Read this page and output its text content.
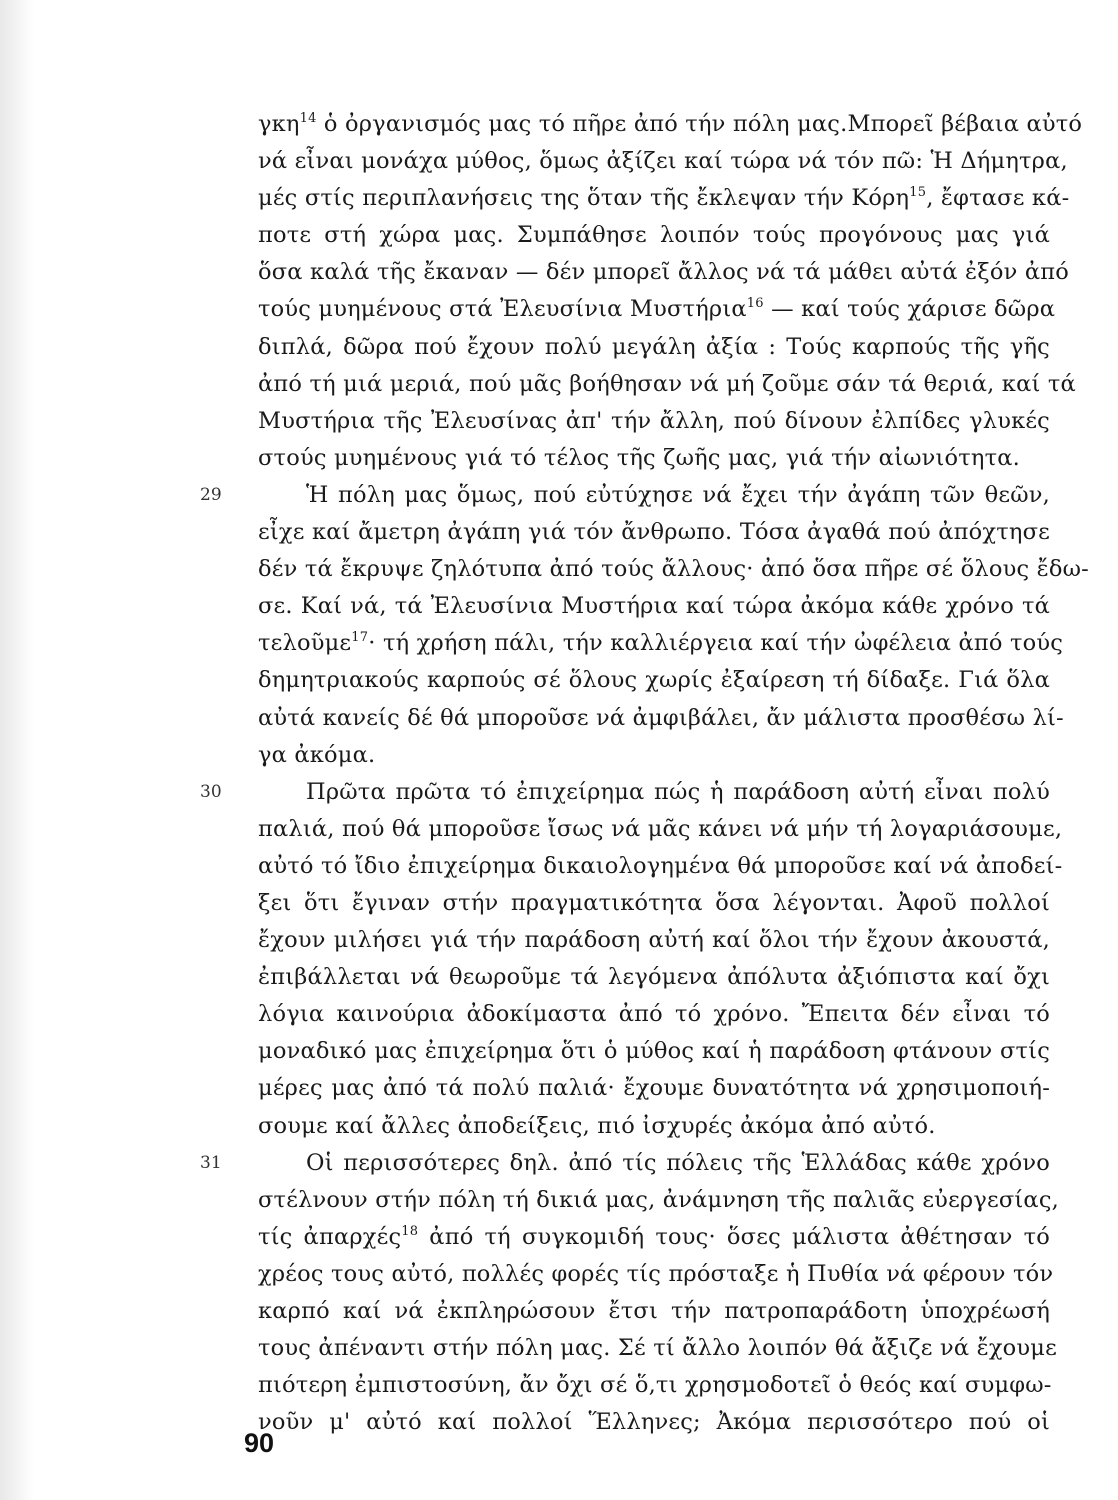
γκη$^{14}$ ὁ ὀργανισμός μας τό πῆρε ἀπό τήν πόλη μας.Μπορεῖ βέβαια αὐτό
νά εἶναι μονάχα μύθος, ὅμως ἀξίζει καί τώρα νά τόν πῶ: Ἡ Δήμητρα,
μές στίς περιπλανήσεις της ὅταν τῆς ἔκλεψαν τήν Κόρη$^{15}$, ἔφτασε κά-
ποτε στή χώρα μας. Συμπάθησε λοιπόν τούς προγόνους μας γιά
ὅσα καλά τῆς ἔκαναν — δέν μπορεῖ ἄλλος νά τά μάθει αὐτά ἐξόν ἀπό
τούς μυημένους στά Ἐλευσίνια Μυστήρια$^{16}$ — καί τούς χάρισε δῶρα
διπλά, δῶρα πού ἔχουν πολύ μεγάλη ἀξία : Τούς καρπούς τῆς γῆς
ἀπό τή μιά μεριά, πού μᾶς βοήθησαν νά μή ζοῦμε σάν τά θεριά, καί τά
Μυστήρια τῆς Ἐλευσίνας ἀπ' τήν ἄλλη, πού δίνουν ἐλπίδες γλυκές
στούς μυημένους γιά τό τέλος τῆς ζωῆς μας, γιά τήν αἰωνιότητα.
Ἡ πόλη μας ὅμως, πού εὐτύχησε νά ἔχει τήν ἀγάπη τῶν θεῶν,
εἶχε καί ἄμετρη ἀγάπη γιά τόν ἄνθρωπο. Τόσα ἀγαθά πού ἀπόχτησε
δέν τά ἔκρυψε ζηλότυπα ἀπό τούς ἄλλους· ἀπό ὅσα πῆρε σέ ὅλους ἔδω-
σε. Καί νά, τά Ἐλευσίνια Μυστήρια καί τώρα ἀκόμα κάθε χρόνο τά
τελοῦμε$^{17}$· τή χρήση πάλι, τήν καλλιέργεια καί τήν ὠφέλεια ἀπό τούς
δημητριακούς καρπούς σέ ὅλους χωρίς ἐξαίρεση τή δίδαξε. Γιά ὅλα
αὐτά κανείς δέ θά μποροῦσε νά ἀμφιβάλει, ἄν μάλιστα προσθέσω λί-
γα ἀκόμα.
Πρῶτα πρῶτα τό ἐπιχείρημα πώς ἡ παράδοση αὐτή εἶναι πολύ
παλιά, πού θά μποροῦσε ἴσως νά μᾶς κάνει νά μήν τή λογαριάσουμε,
αὐτό τό ἴδιο ἐπιχείρημα δικαιολογημένα θά μποροῦσε καί νά ἀποδεί-
ξει ὅτι ἔγιναν στήν πραγματικότητα ὅσα λέγονται. Ἀφοῦ πολλοί
ἔχουν μιλήσει γιά τήν παράδοση αὐτή καί ὅλοι τήν ἔχουν ἀκουστά,
ἐπιβάλλεται νά θεωροῦμε τά λεγόμενα ἀπόλυτα ἀξιόπιστα καί ὄχι
λόγια καινούρια ἀδοκίμαστα ἀπό τό χρόνο. Ἔπειτα δέν εἶναι τό
μοναδικό μας ἐπιχείρημα ὅτι ὁ μύθος καί ἡ παράδοση φτάνουν στίς
μέρες μας ἀπό τά πολύ παλιά· ἔχουμε δυνατότητα νά χρησιμοποιή-
σουμε καί ἄλλες ἀποδείξεις, πιό ἰσχυρές ἀκόμα ἀπό αὐτό.
Οἱ περισσότερες δηλ. ἀπό τίς πόλεις τῆς Ἑλλάδας κάθε χρόνο
στέλνουν στήν πόλη τή δικιά μας, ἀνάμνηση τῆς παλιᾶς εὐεργεσίας,
τίς ἀπαρχές$^{18}$ ἀπό τή συγκομιδή τους· ὅσες μάλιστα ἀθέτησαν τό
χρέος τους αὐτό, πολλές φορές τίς πρόσταξε ἡ Πυθία νά φέρουν τόν
καρπό καί νά ἐκπληρώσουν ἔτσι τήν πατροπαράδοτη ὑποχρέωσή
τους ἀπέναντι στήν πόλη μας. Σέ τί ἄλλο λοιπόν θά ἄξιζε νά ἔχουμε
πιότερη ἐμπιστοσύνη, ἄν ὄχι σέ ὅ,τι χρησμοδοτεῖ ὁ θεός καί συμφω-
νοῦν μ' αὐτό καί πολλοί Ἕλληνες; Ἀκόμα περισσότερο πού οἱ
90
29
30
31
